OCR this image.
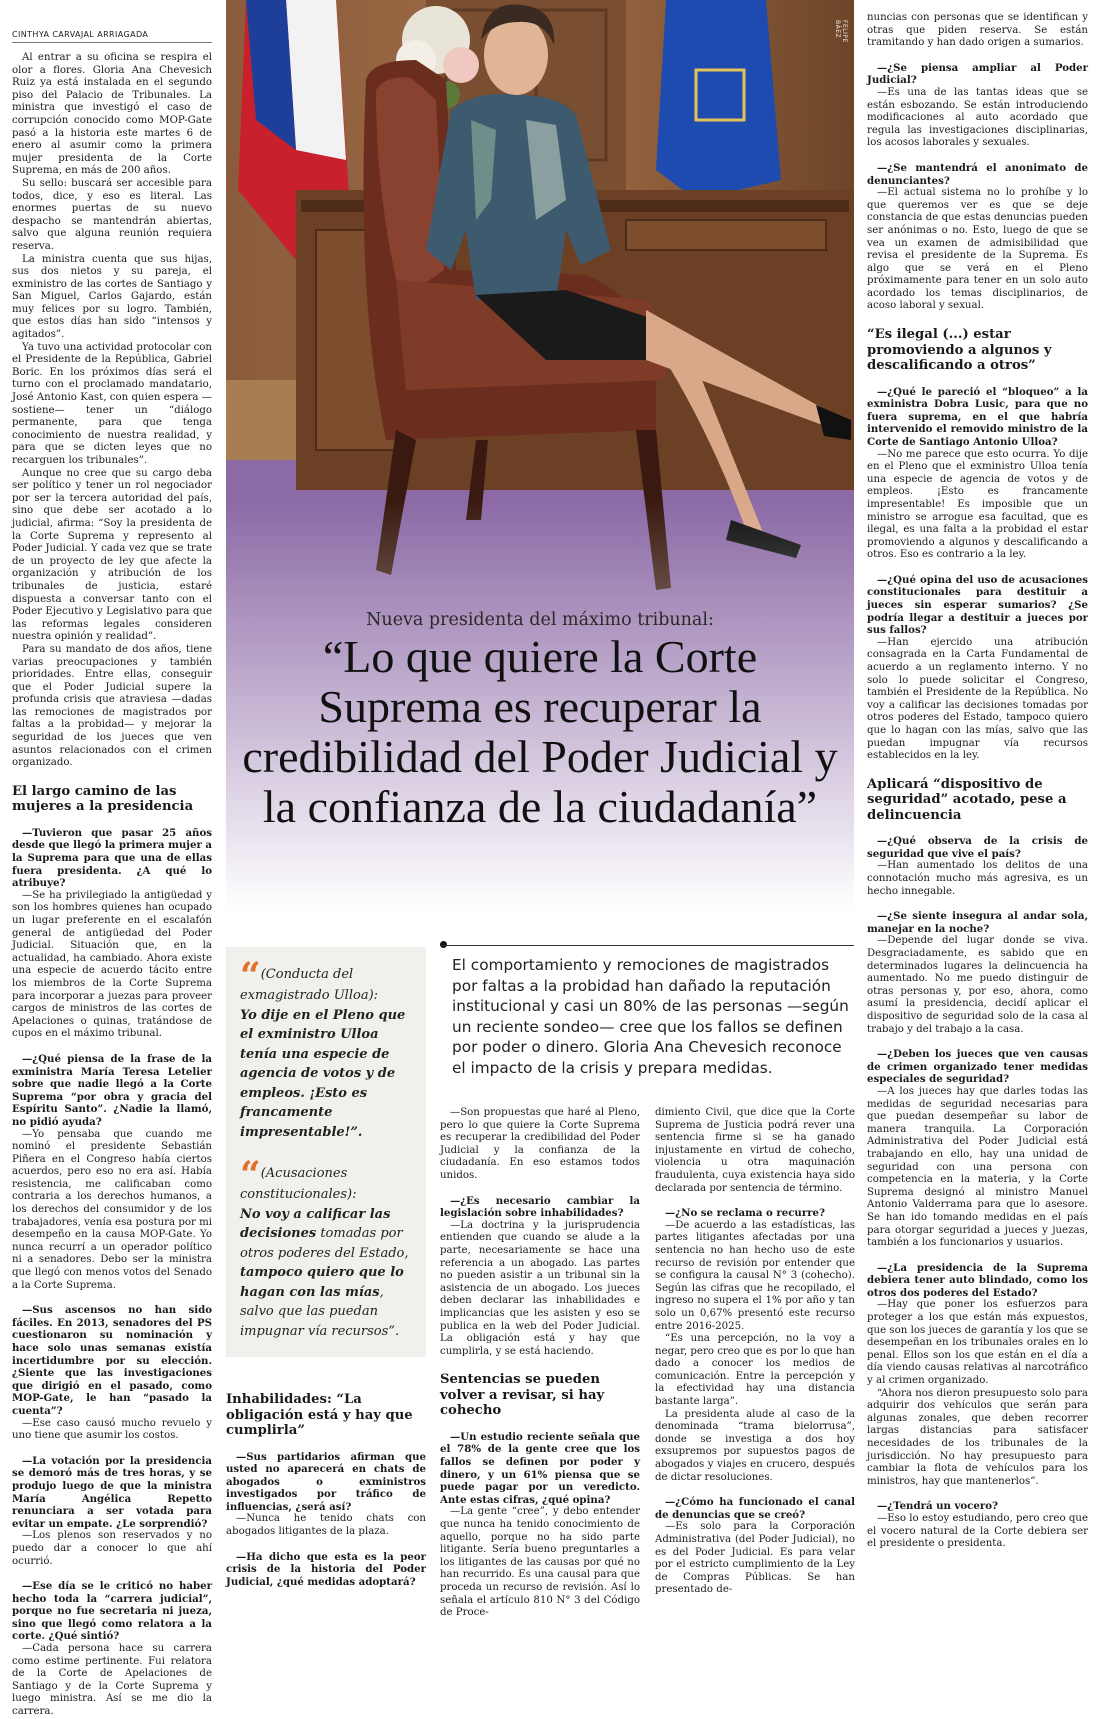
CINTHYA CARVAJAL ARRIAGADA	FELIPE BÁEZ
Nueva presidenta del máximo tribunal:
“Lo que quiere la Corte Suprema es recuperar la credibilidad del Poder Judicial y la confianza de la ciudadanía”
El comportamiento y remociones de magistrados por faltas a la probidad han dañado la reputación institucional y casi un 80% de las personas —según un reciente sondeo— cree que los fallos se definen por poder o dinero. Gloria Ana Chevesich reconoce el impacto de la crisis y prepara medidas.
“ (Conducta del exmagistrado Ulloa):
Yo dije en el Pleno que el exministro Ulloa tenía una especie de agencia de votos y de empleos. ¡Esto es francamente impresentable!”.
“ (Acusaciones constitucionales):
No voy a calificar las decisiones tomadas por otros poderes del Estado, tampoco quiero que lo hagan con las mías, salvo que las puedan impugnar vía recursos”.

Al entrar a su oficina se respira el olor a flores. Gloria Ana Chevesich Ruiz ya está instalada en el segundo piso del Palacio de Tribunales. La ministra que investigó el caso de corrupción conocido como MOP-Gate pasó a la historia este martes 6 de enero al asumir como la primera mujer presidenta de la Corte Suprema, en más de 200 años.

Su sello: buscará ser accesible para todos, dice, y eso es literal. Las enormes puertas de su nuevo despacho se mantendrán abiertas, salvo que alguna reunión requiera reserva.

La ministra cuenta que sus hijas, sus dos nietos y su pareja, el exministro de las cortes de Santiago y San Miguel, Carlos Gajardo, están muy felices por su logro. También, que estos días han sido “intensos y agitados”.

Ya tuvo una actividad protocolar con el Presidente de la República, Gabriel Boric. En los próximos días será el turno con el proclamado mandatario, José Antonio Kast, con quien espera —sostiene— tener un “diálogo permanente, para que tenga conocimiento de nuestra realidad, y para que se dicten leyes que no recarguen los tribunales”.

Aunque no cree que su cargo deba ser político y tener un rol negociador por ser la tercera autoridad del país, sino que debe ser acotado a lo judicial, afirma: “Soy la presidenta de la Corte Suprema y represento al Poder Judicial. Y cada vez que se trate de un proyecto de ley que afecte la organización y atribución de los tribunales de justicia, estaré dispuesta a conversar tanto con el Poder Ejecutivo y Legislativo para que las reformas legales consideren nuestra opinión y realidad”.

Para su mandato de dos años, tiene varias preocupaciones y también prioridades. Entre ellas, conseguir que el Poder Judicial supere la profunda crisis que atraviesa —dadas las remociones de magistrados por faltas a la probidad— y mejorar la seguridad de los jueces que ven asuntos relacionados con el crimen organizado.

El largo camino de las mujeres a la presidencia

—Tuvieron que pasar 25 años desde que llegó la primera mujer a la Suprema para que una de ellas fuera presidenta. ¿A qué lo atribuye?

—Se ha privilegiado la antigüedad y son los hombres quienes han ocupado un lugar preferente en el escalafón general de antigüedad del Poder Judicial. Situación que, en la actualidad, ha cambiado. Ahora existe una especie de acuerdo tácito entre los miembros de la Corte Suprema para incorporar a juezas para proveer cargos de ministros de las cortes de Apelaciones o quinas, tratándose de cupos en el máximo tribunal.

—¿Qué piensa de la frase de la exministra María Teresa Letelier sobre que nadie llegó a la Corte Suprema “por obra y gracia del Espíritu Santo”. ¿Nadie la llamó, no pidió ayuda?

—Yo pensaba que cuando me nominó el presidente Sebastián Piñera en el Congreso había ciertos acuerdos, pero eso no era así. Había resistencia, me calificaban como contraria a los derechos humanos, a los derechos del consumidor y de los trabajadores, venía esa postura por mi desempeño en la causa MOP-Gate. Yo nunca recurrí a un operador político ni a senadores. Debo ser la ministra que llegó con menos votos del Senado a la Corte Suprema.

—Sus ascensos no han sido fáciles. En 2013, senadores del PS cuestionaron su nominación y hace solo unas semanas existía incertidumbre por su elección. ¿Siente que las investigaciones que dirigió en el pasado, como MOP-Gate, le han “pasado la cuenta”?

—Ese caso causó mucho revuelo y uno tiene que asumir los costos.

—La votación por la presidencia se demoró más de tres horas, y se produjo luego de que la ministra María Angélica Repetto renunciara a ser votada para evitar un empate. ¿Le sorprendió?

—Los plenos son reservados y no puedo dar a conocer lo que ahí ocurrió.

—Ese día se le criticó no haber hecho toda la “carrera judicial”, porque no fue secretaria ni jueza, sino que llegó como relatora a la corte. ¿Qué sintió?

—Cada persona hace su carrera como estime pertinente. Fui relatora de la Corte de Apelaciones de Santiago y de la Corte Suprema y luego ministra. Así se me dio la carrera.

Inhabilidades: “La obligación está y hay que cumplirla”

—Sus partidarios afirman que usted no aparecerá en chats de abogados o exministros investigados por tráfico de influencias, ¿será así?

—Nunca he tenido chats con abogados litigantes de la plaza.

—Ha dicho que esta es la peor crisis de la historia del Poder Judicial, ¿qué medidas adoptará?

—Son propuestas que haré al Pleno, pero lo que quiere la Corte Suprema es recuperar la credibilidad del Poder Judicial y la confianza de la ciudadanía. En eso estamos todos unidos.

—¿Es necesario cambiar la legislación sobre inhabilidades?

—La doctrina y la jurisprudencia entienden que cuando se alude a la parte, necesariamente se hace una referencia a un abogado. Las partes no pueden asistir a un tribunal sin la asistencia de un abogado. Los jueces deben declarar las inhabilidades e implicancias que les asisten y eso se publica en la web del Poder Judicial. La obligación está y hay que cumplirla, y se está haciendo.

Sentencias se pueden volver a revisar, si hay cohecho

—Un estudio reciente señala que el 78% de la gente cree que los fallos se definen por poder y dinero, y un 61% piensa que se puede pagar por un veredicto. Ante estas cifras, ¿qué opina?

—La gente “cree”, y debo entender que nunca ha tenido conocimiento de aquello, porque no ha sido parte litigante. Sería bueno preguntarles a los litigantes de las causas por qué no han recurrido. Es una causal para que proceda un recurso de revisión. Así lo señala el artículo 810 N° 3 del Código de Proce-

dimiento Civil, que dice que la Corte Suprema de Justicia podrá rever una sentencia firme si se ha ganado injustamente en virtud de cohecho, violencia u otra maquinación fraudulenta, cuya existencia haya sido declarada por sentencia de término.

—¿No se reclama o recurre?

—De acuerdo a las estadísticas, las partes litigantes afectadas por una sentencia no han hecho uso de este recurso de revisión por entender que se configura la causal N° 3 (cohecho). Según las cifras que he recopilado, el ingreso no supera el 1% por año y tan solo un 0,67% presentó este recurso entre 2016-2025.

“Es una percepción, no la voy a negar, pero creo que es por lo que han dado a conocer los medios de comunicación. Entre la percepción y la efectividad hay una distancia bastante larga”.

La presidenta alude al caso de la denominada “trama bielorrusa”, donde se investiga a dos hoy exsupremos por supuestos pagos de abogados y viajes en crucero, después de dictar resoluciones.

—¿Cómo ha funcionado el canal de denuncias que se creó?

—Es solo para la Corporación Administrativa (del Poder Judicial), no es del Poder Judicial. Es para velar por el estricto cumplimiento de la Ley de Compras Públicas. Se han presentado de-

nuncias con personas que se identifican y otras que piden reserva. Se están tramitando y han dado origen a sumarios.

—¿Se piensa ampliar al Poder Judicial?

—Es una de las tantas ideas que se están esbozando. Se están introduciendo modificaciones al auto acordado que regula las investigaciones disciplinarias, los acosos laborales y sexuales.

—¿Se mantendrá el anonimato de denunciantes?

—El actual sistema no lo prohíbe y lo que queremos ver es que se deje constancia de que estas denuncias pueden ser anónimas o no. Esto, luego de que se vea un examen de admisibilidad que revisa el presidente de la Suprema. Es algo que se verá en el Pleno próximamente para tener en un solo auto acordado los temas disciplinarios, de acoso laboral y sexual.

“Es ilegal (...) estar promoviendo a algunos y descalificando a otros”

—¿Qué le pareció el “bloqueo” a la exministra Dobra Lusic, para que no fuera suprema, en el que habría intervenido el removido ministro de la Corte de Santiago Antonio Ulloa?

—No me parece que esto ocurra. Yo dije en el Pleno que el exministro Ulloa tenía una especie de agencia de votos y de empleos. ¡Esto es francamente impresentable! Es imposible que un ministro se arrogue esa facultad, que es ilegal, es una falta a la probidad el estar promoviendo a algunos y descalificando a otros. Eso es contrario a la ley.

—¿Qué opina del uso de acusaciones constitucionales para destituir a jueces sin esperar sumarios? ¿Se podría llegar a destituir a jueces por sus fallos?

—Han ejercido una atribución consagrada en la Carta Fundamental de acuerdo a un reglamento interno. Y no solo lo puede solicitar el Congreso, también el Presidente de la República. No voy a calificar las decisiones tomadas por otros poderes del Estado, tampoco quiero que lo hagan con las mías, salvo que las puedan impugnar vía recursos establecidos en la ley.

Aplicará “dispositivo de seguridad” acotado, pese a delincuencia

—¿Qué observa de la crisis de seguridad que vive el país?

—Han aumentado los delitos de una connotación mucho más agresiva, es un hecho innegable.

—¿Se siente insegura al andar sola, manejar en la noche?

—Depende del lugar donde se viva. Desgraciadamente, es sabido que en determinados lugares la delincuencia ha aumentado. No me puedo distinguir de otras personas y, por eso, ahora, como asumí la presidencia, decidí aplicar el dispositivo de seguridad solo de la casa al trabajo y del trabajo a la casa.

—¿Deben los jueces que ven causas de crimen organizado tener medidas especiales de seguridad?

—A los jueces hay que darles todas las medidas de seguridad necesarias para que puedan desempeñar su labor de manera tranquila. La Corporación Administrativa del Poder Judicial está trabajando en ello, hay una unidad de seguridad con una persona con competencia en la materia, y la Corte Suprema designó al ministro Manuel Antonio Valderrama para que lo asesore. Se han ido tomando medidas en el país para otorgar seguridad a jueces y juezas, también a los funcionarios y usuarios.

—¿La presidencia de la Suprema debiera tener auto blindado, como los otros dos poderes del Estado?

—Hay que poner los esfuerzos para proteger a los que están más expuestos, que son los jueces de garantía y los que se desempeñan en los tribunales orales en lo penal. Ellos son los que están en el día a día viendo causas relativas al narcotráfico y al crimen organizado.

“Ahora nos dieron presupuesto solo para adquirir dos vehículos que serán para algunas zonales, que deben recorrer largas distancias para satisfacer necesidades de los tribunales de la jurisdicción. No hay presupuesto para cambiar la flota de vehículos para los ministros, hay que mantenerlos”.

—¿Tendrá un vocero?

—Eso lo estoy estudiando, pero creo que el vocero natural de la Corte debiera ser el presidente o presidenta.
